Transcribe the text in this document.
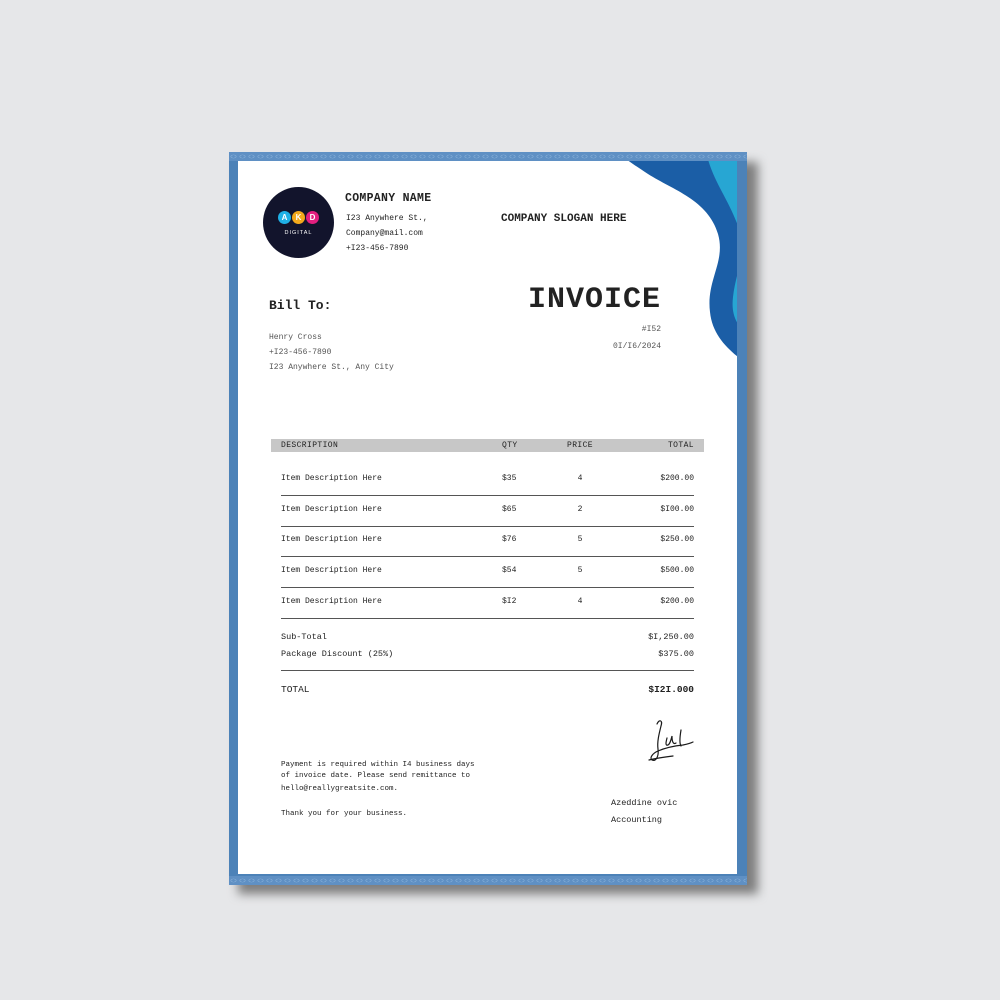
A	K	D
DIGITAL
COMPANY NAME
I23 Anywhere St.,
Company@mail.com
+I23-456-7890
COMPANY SLOGAN HERE
INVOICE
#I52
0I/I6/2024
Bill To:
Henry Cross
+I23-456-7890
I23 Anywhere St., Any City
DESCRIPTION	QTY	PRICE	TOTAL
Item Description Here	$35	4	$200.00
Item Description Here	$65	2	$I00.00
Item Description Here	$76	5	$250.00
Item Description Here	$54	5	$500.00
Item Description Here	$I2	4	$200.00
Sub-Total	$I,250.00
Package Discount (25%)	$375.00
TOTAL	$I2I.000
Payment is required within I4 business days
of invoice date. Please send remittance to
hello@reallygreatsite.com.
Thank you for your business.
Azeddine ovic
Accounting
